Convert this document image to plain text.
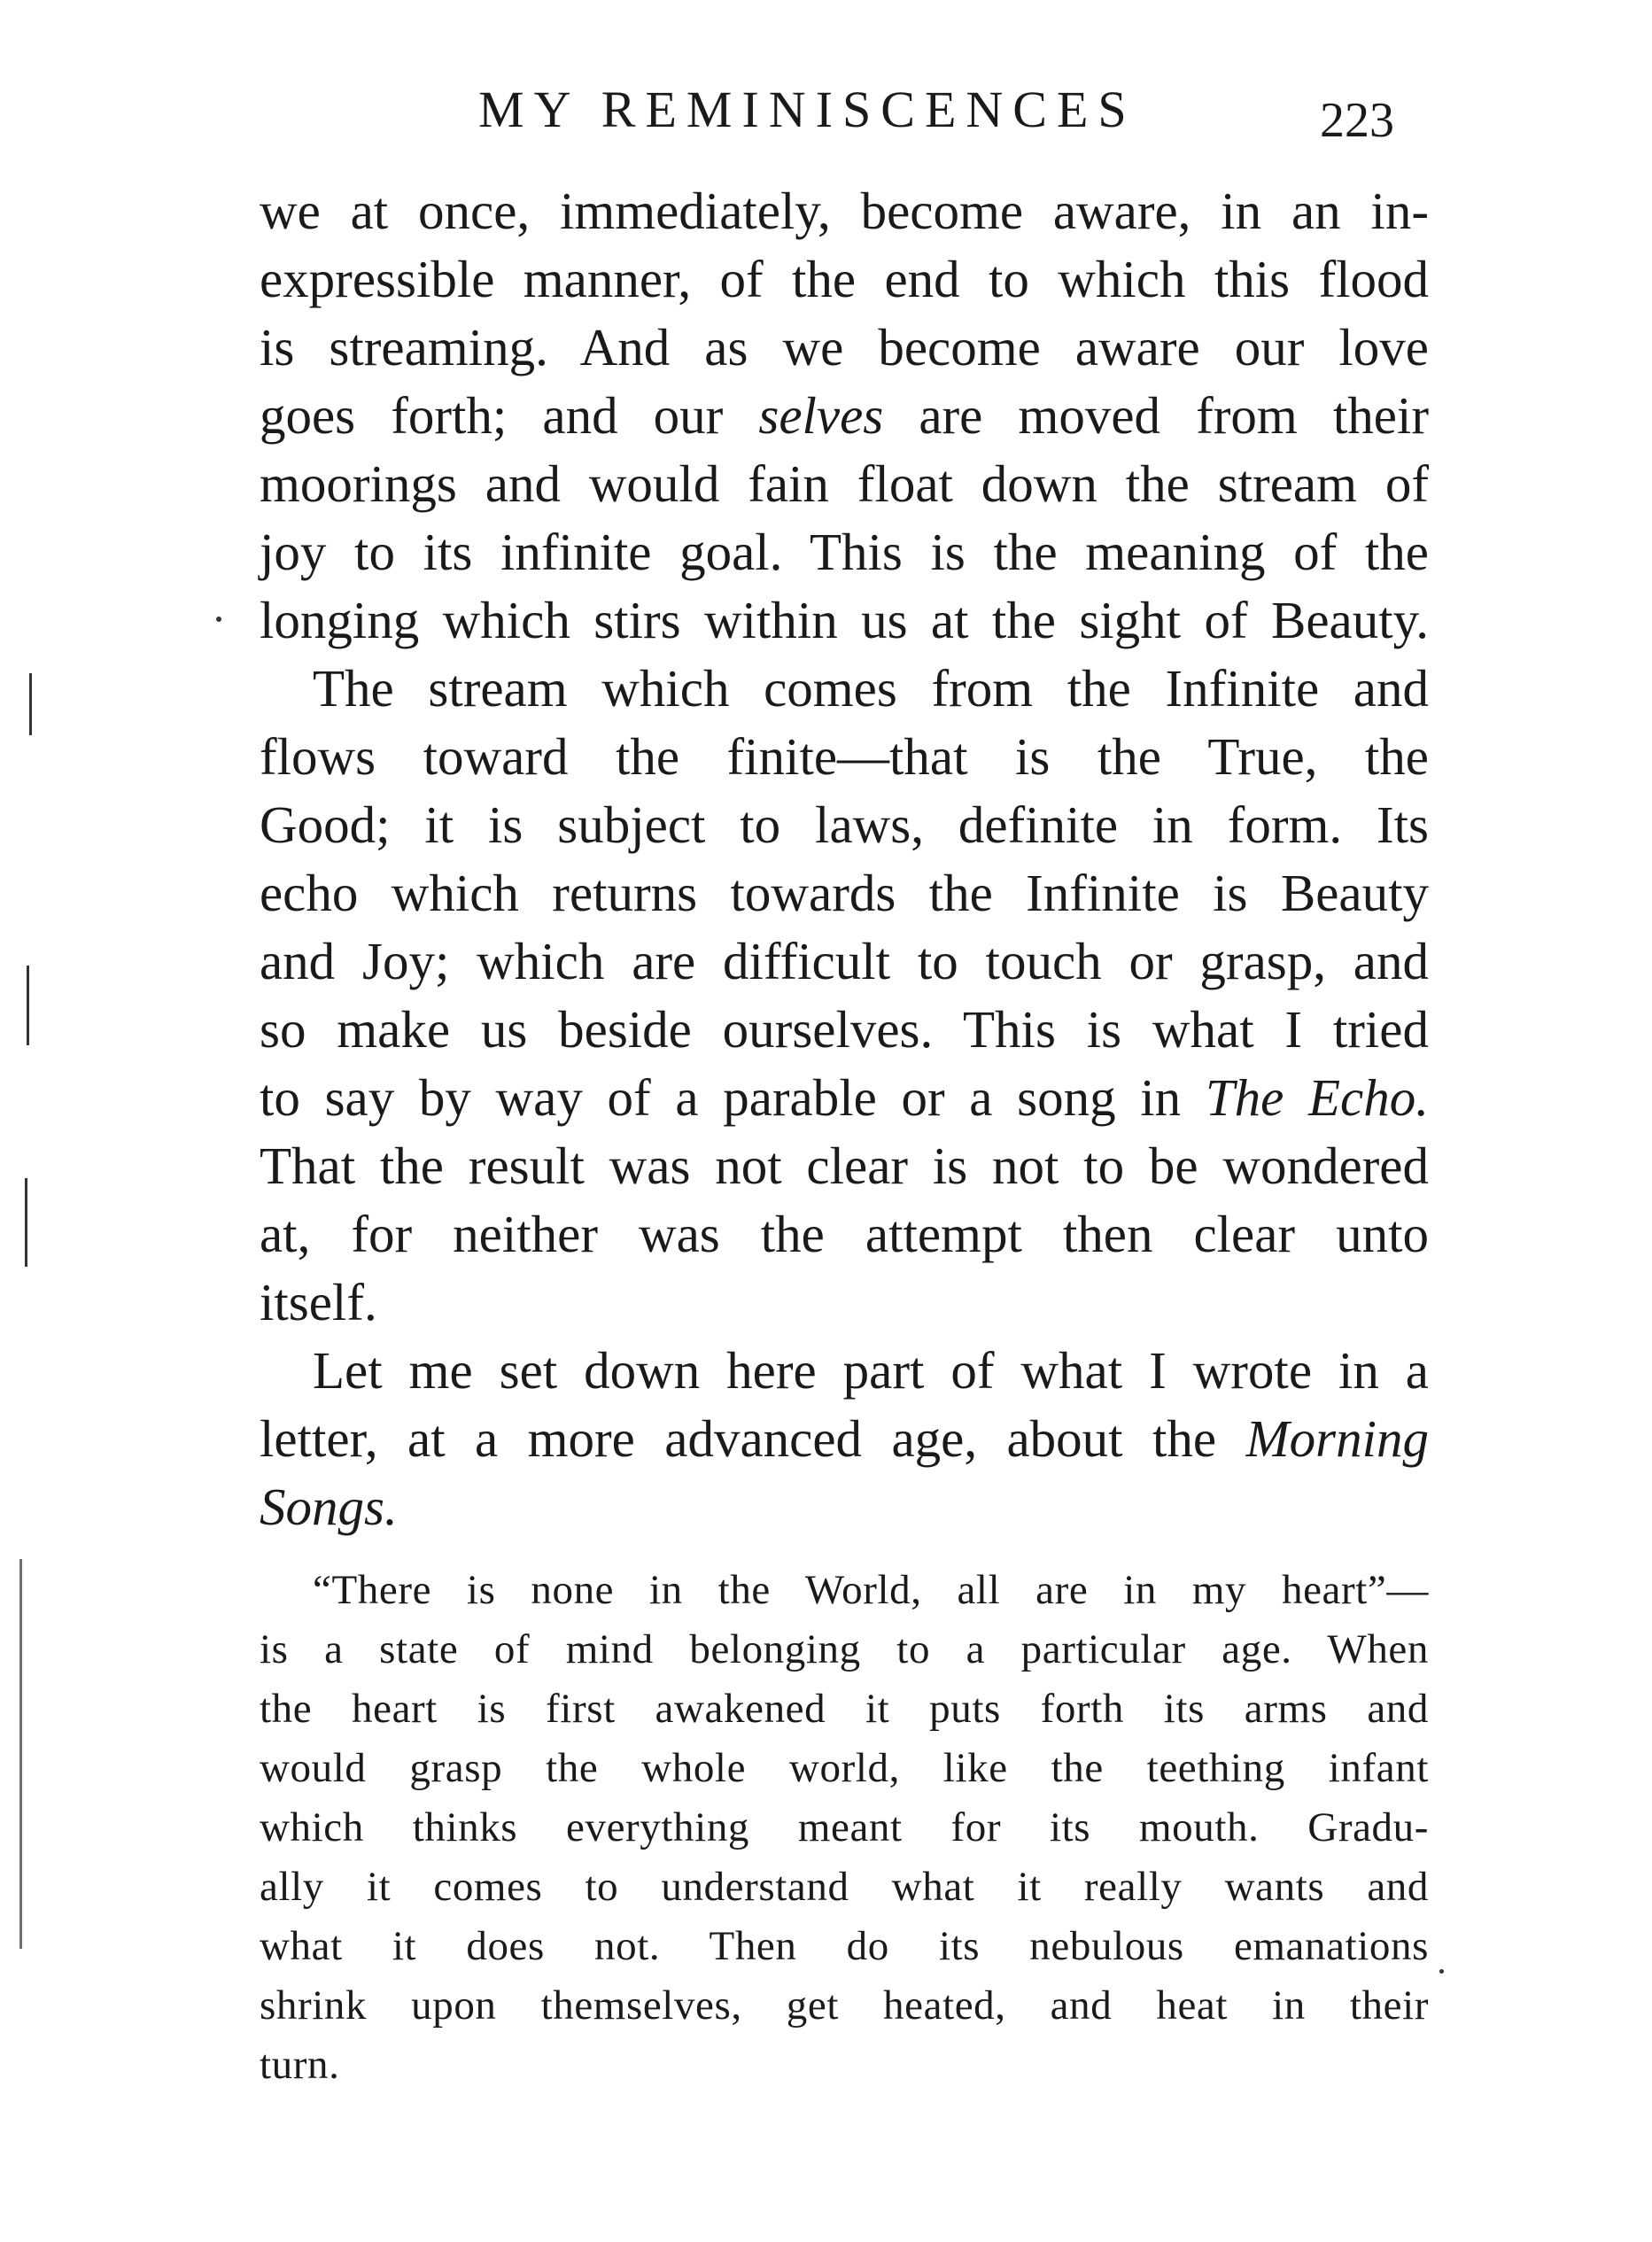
MY REMINISCENCES	223
we at once, immediately, become aware, in an in-
expressible manner, of the end to which this flood
is streaming. And as we become aware our love
goes forth; and our selves are moved from their
moorings and would fain float down the stream of
joy to its infinite goal. This is the meaning of the
longing which stirs within us at the sight of Beauty.
The stream which comes from the Infinite and
flows toward the finite—that is the True, the
Good; it is subject to laws, definite in form. Its
echo which returns towards the Infinite is Beauty
and Joy; which are difficult to touch or grasp, and
so make us beside ourselves. This is what I tried
to say by way of a parable or a song in The Echo.
That the result was not clear is not to be wondered
at, for neither was the attempt then clear unto
itself.
Let me set down here part of what I wrote in a
letter, at a more advanced age, about the Morning
Songs.
“There is none in the World, all are in my heart”—
is a state of mind belonging to a particular age. When
the heart is first awakened it puts forth its arms and
would grasp the whole world, like the teething infant
which thinks everything meant for its mouth. Gradu-
ally it comes to understand what it really wants and
what it does not. Then do its nebulous emanations
shrink upon themselves, get heated, and heat in their
turn.
